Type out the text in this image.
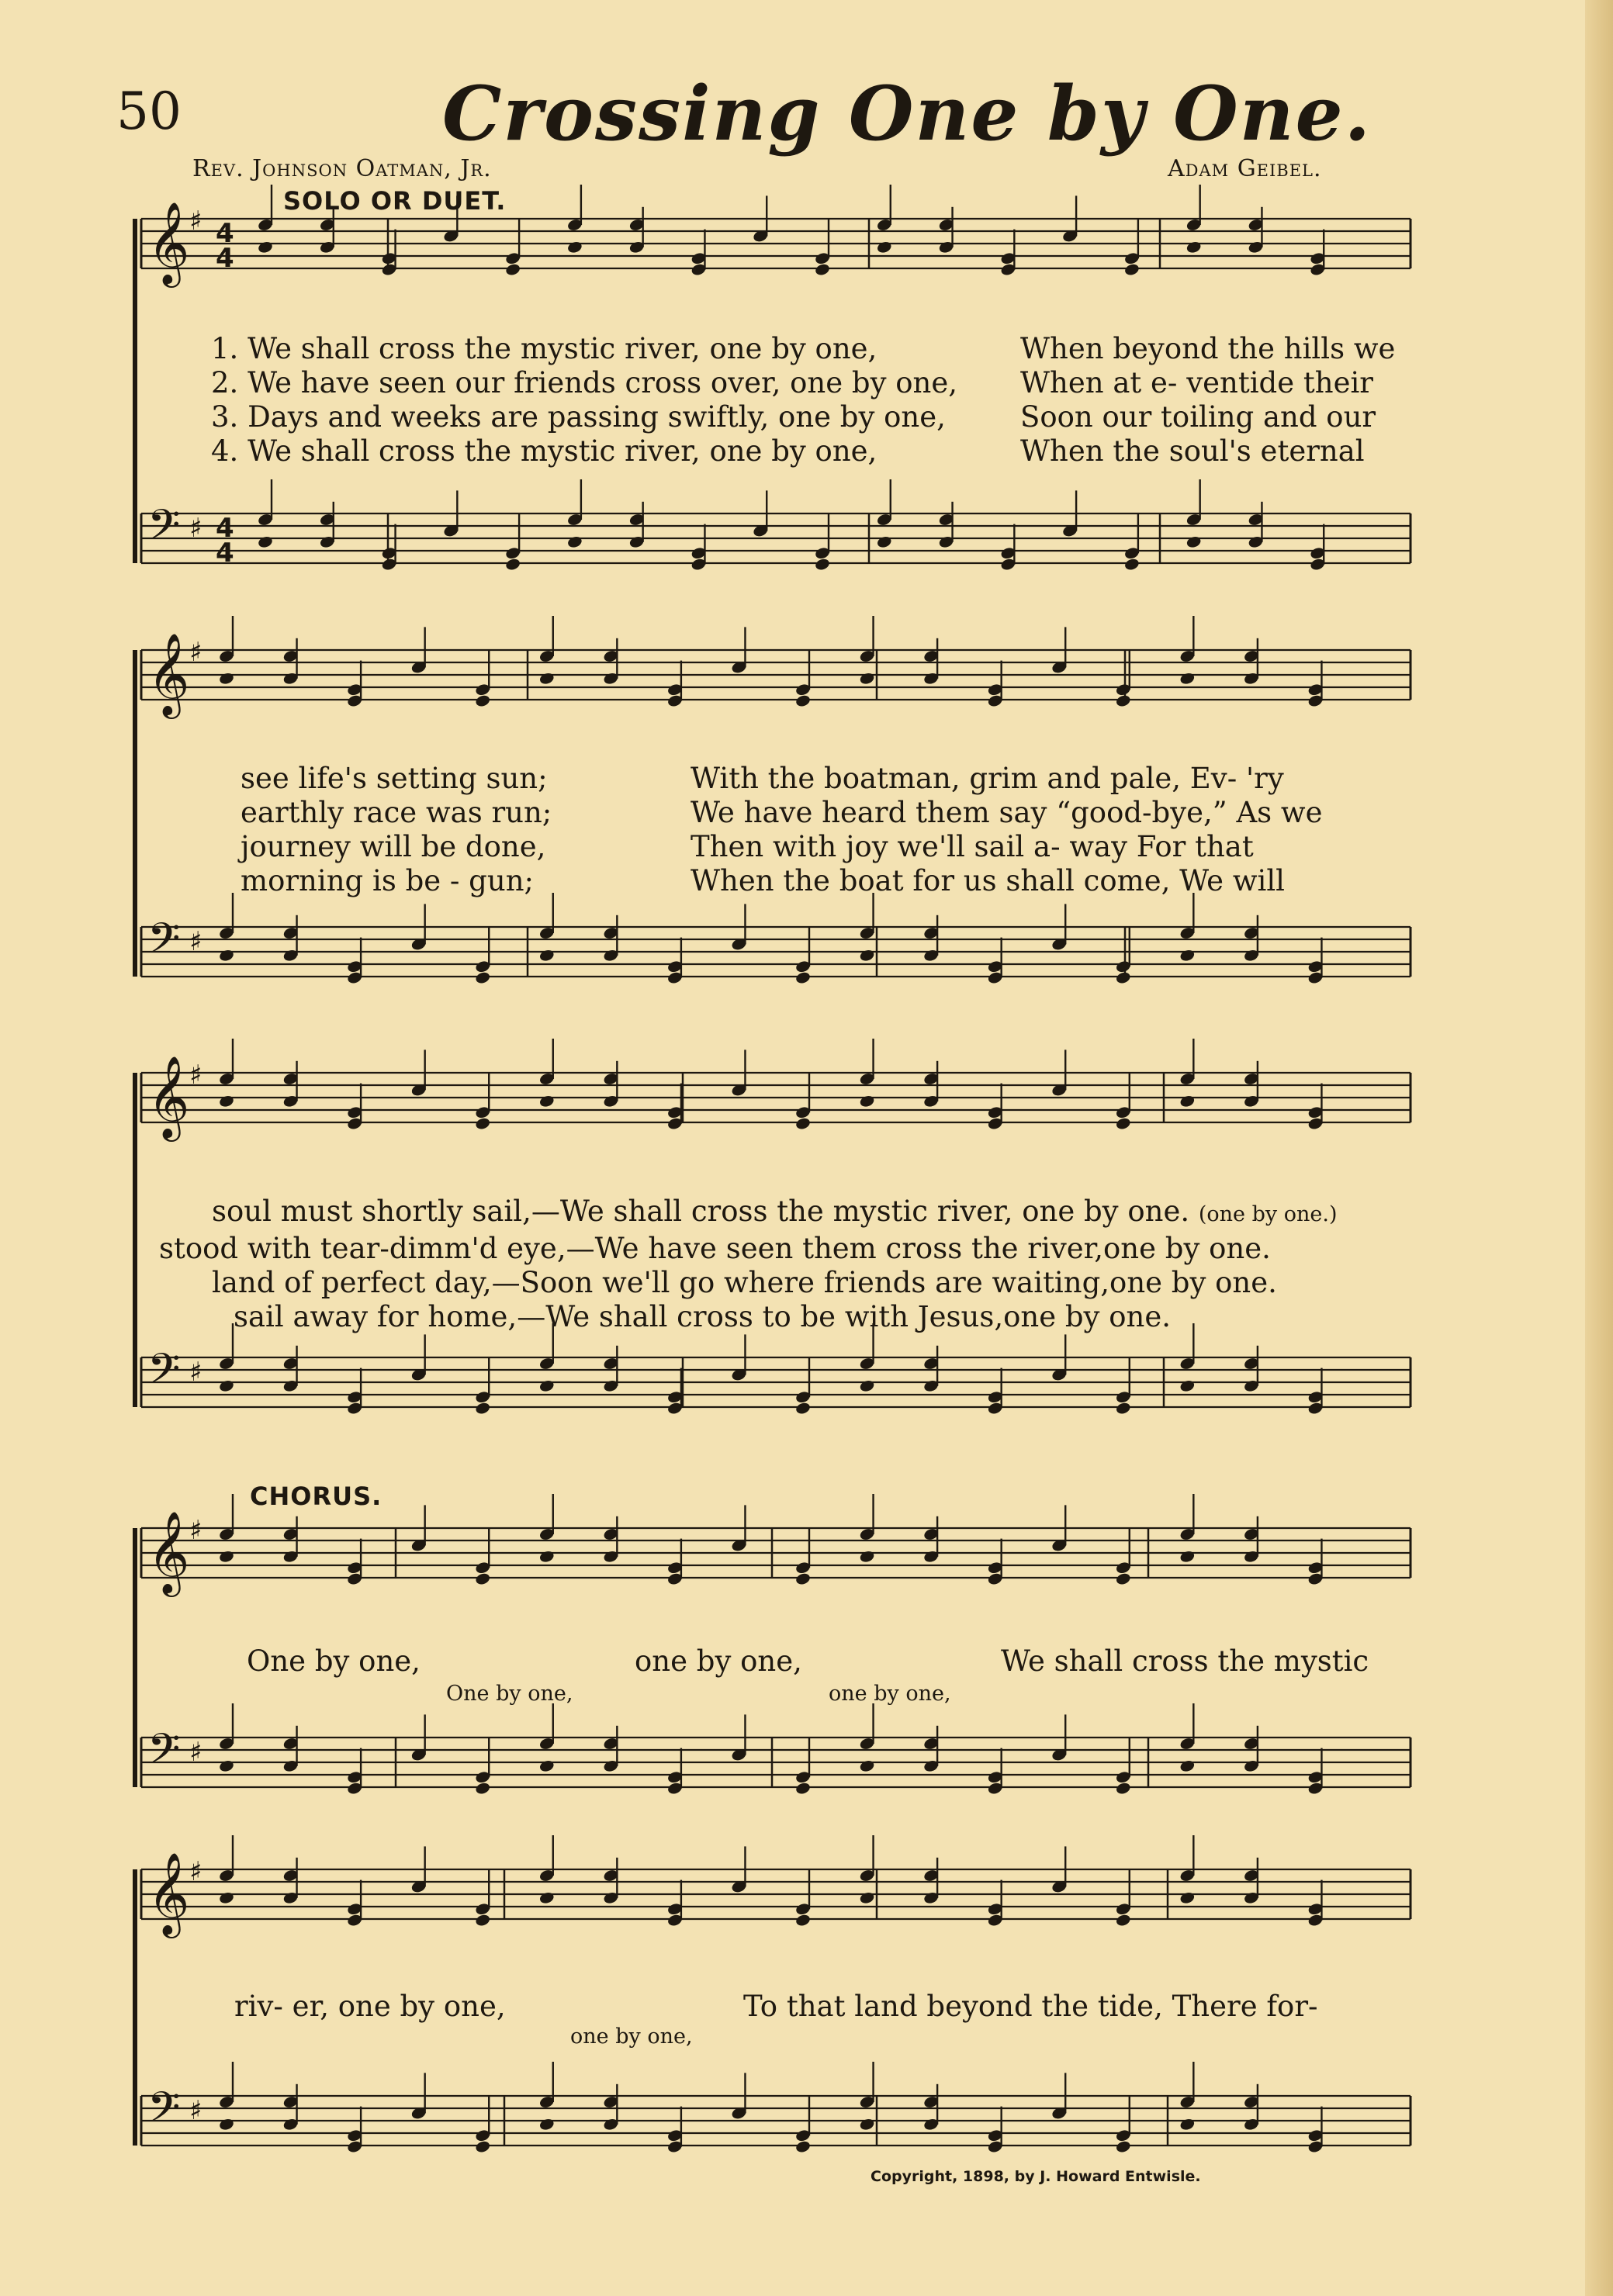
50	Crossing One by One.
Rev. Johnson Oatman, Jr.	Adam Geibel.
SOLO OR DUET.
CHORUS.
𝄞 ♯ 4
4
𝄢 ♯ 4
4
𝄞 ♯
𝄢 ♯
𝄞 ♯
𝄢 ♯
𝄞 ♯
𝄢 ♯
𝄞 ♯
𝄢 ♯
1. We shall cross the mystic river, one by one,
2. We have seen our friends cross over, one by one,
3. Days and weeks are passing swiftly, one by one,
4. We shall cross the mystic river, one by one,
When beyond the hills we
When at e- ventide their
Soon our toiling and our
When the soul's eternal
see life's setting sun;
earthly race was run;
journey will be done,
morning is be - gun;
With the boatman, grim and pale, Ev- 'ry
We have heard them say “good-bye,” As we
Then with joy we'll sail a- way For that
When the boat for us shall come, We will
soul must shortly sail,—We shall cross the mystic river, one by one. (one by one.)
stood with tear-dimm'd eye,—We have seen them cross the river,one by one.
land of perfect day,—Soon we'll go where friends are waiting,one by one.
sail away for home,—We shall cross to be with Jesus,one by one.
One by one,	one by one,	We shall cross the mystic
One by one,	one by one,
riv- er, one by one,	To that land beyond the tide, There for-
one by one,
Copyright, 1898, by J. Howard Entwisle.
